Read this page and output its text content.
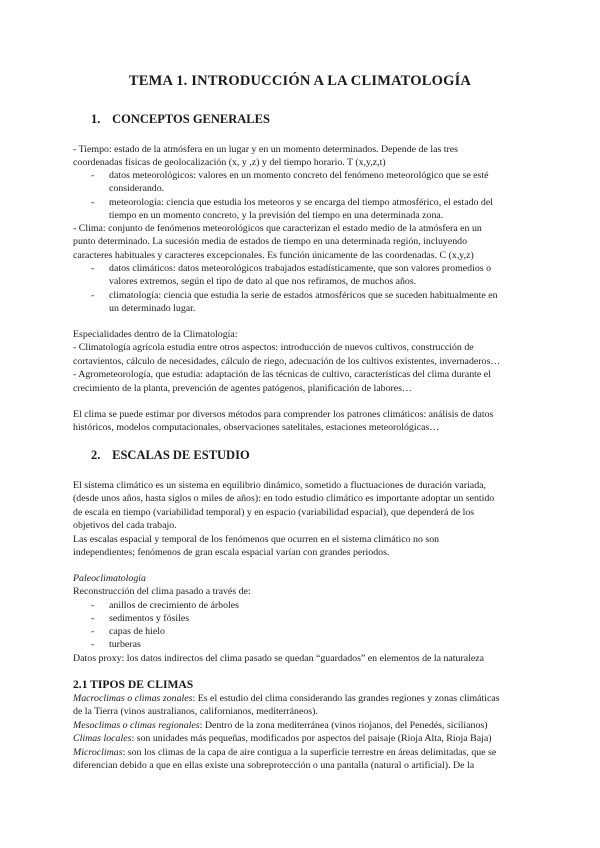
TEMA 1. INTRODUCCIÓN A LA CLIMATOLOGÍA
1. CONCEPTOS GENERALES
- Tiempo: estado de la atmósfera en un lugar y en un momento determinados. Depende de las tres
coordenadas físicas de geolocalización (x, y ,z) y del tiempo horario. T (x,y,z,t)
- datos meteorológicos: valores en un momento concreto del fenómeno meteorológico que se esté
considerando.
- meteorología: ciencia que estudia los meteoros y se encarga del tiempo atmosférico, el estado del
tiempo en un momento concreto, y la previsión del tiempo en una determinada zona.
- Clima: conjunto de fenómenos meteorológicos que caracterizan el estado medio de la atmósfera en un
punto determinado. La sucesión media de estados de tiempo en una determinada región, incluyendo
caracteres habituales y caracteres excepcionales. Es función únicamente de las coordenadas. C (x,y,z)
- datos climáticos: datos meteorológicos trabajados estadísticamente, que son valores promedios o
valores extremos, según el tipo de dato al que nos refiramos, de muchos años.
- climatología: ciencia que estudia la serie de estados atmosféricos que se suceden habitualmente en
un determinado lugar.
Especialidades dentro de la Climatología:
- Climatología agrícola estudia entre otros aspectos: introducción de nuevos cultivos, construcción de
cortavientos, cálculo de necesidades, cálculo de riego, adecuación de los cultivos existentes, invernaderos…
- Agrometeorología, que estudia: adaptación de las técnicas de cultivo, características del clima durante el
crecimiento de la planta, prevención de agentes patógenos, planificación de labores…
El clima se puede estimar por diversos métodos para comprender los patrones climáticos: análisis de datos
históricos, modelos computacionales, observaciones satelitales, estaciones meteorológicas…
2. ESCALAS DE ESTUDIO
El sistema climático es un sistema en equilibrio dinámico, sometido a fluctuaciones de duración variada,
(desde unos años, hasta siglos o miles de años): en todo estudio climático es importante adoptar un sentido
de escala en tiempo (variabilidad temporal) y en espacio (variabilidad espacial), que dependerá de los
objetivos del cada trabajo.
Las escalas espacial y temporal de los fenómenos que ocurren en el sistema climático no son
independientes; fenómenos de gran escala espacial varían con grandes periodos.
Paleoclimatología
Reconstrucción del clima pasado a través de:
- anillos de crecimiento de árboles
- sedimentos y fósiles
- capas de hielo
- turberas
Datos proxy: los datos indirectos del clima pasado se quedan “guardados” en elementos de la naturaleza
2.1 TIPOS DE CLIMAS
Macroclimas o climas zonales: Es el estudio del clima considerando las grandes regiones y zonas climáticas
de la Tierra (vinos australianos, californianos, mediterráneos).
Mesoclimas o climas regionales: Dentro de la zona mediterránea (vinos riojanos, del Penedés, sicilianos)
Climas locales: son unidades más pequeñas, modificados por aspectos del paisaje (Rioja Alta, Rioja Baja)
Microclimas: son los climas de la capa de aire contigua a la superficie terrestre en áreas delimitadas, que se
diferencian debido a que en ellas existe una sobreprotección o una pantalla (natural o artificial). De la
